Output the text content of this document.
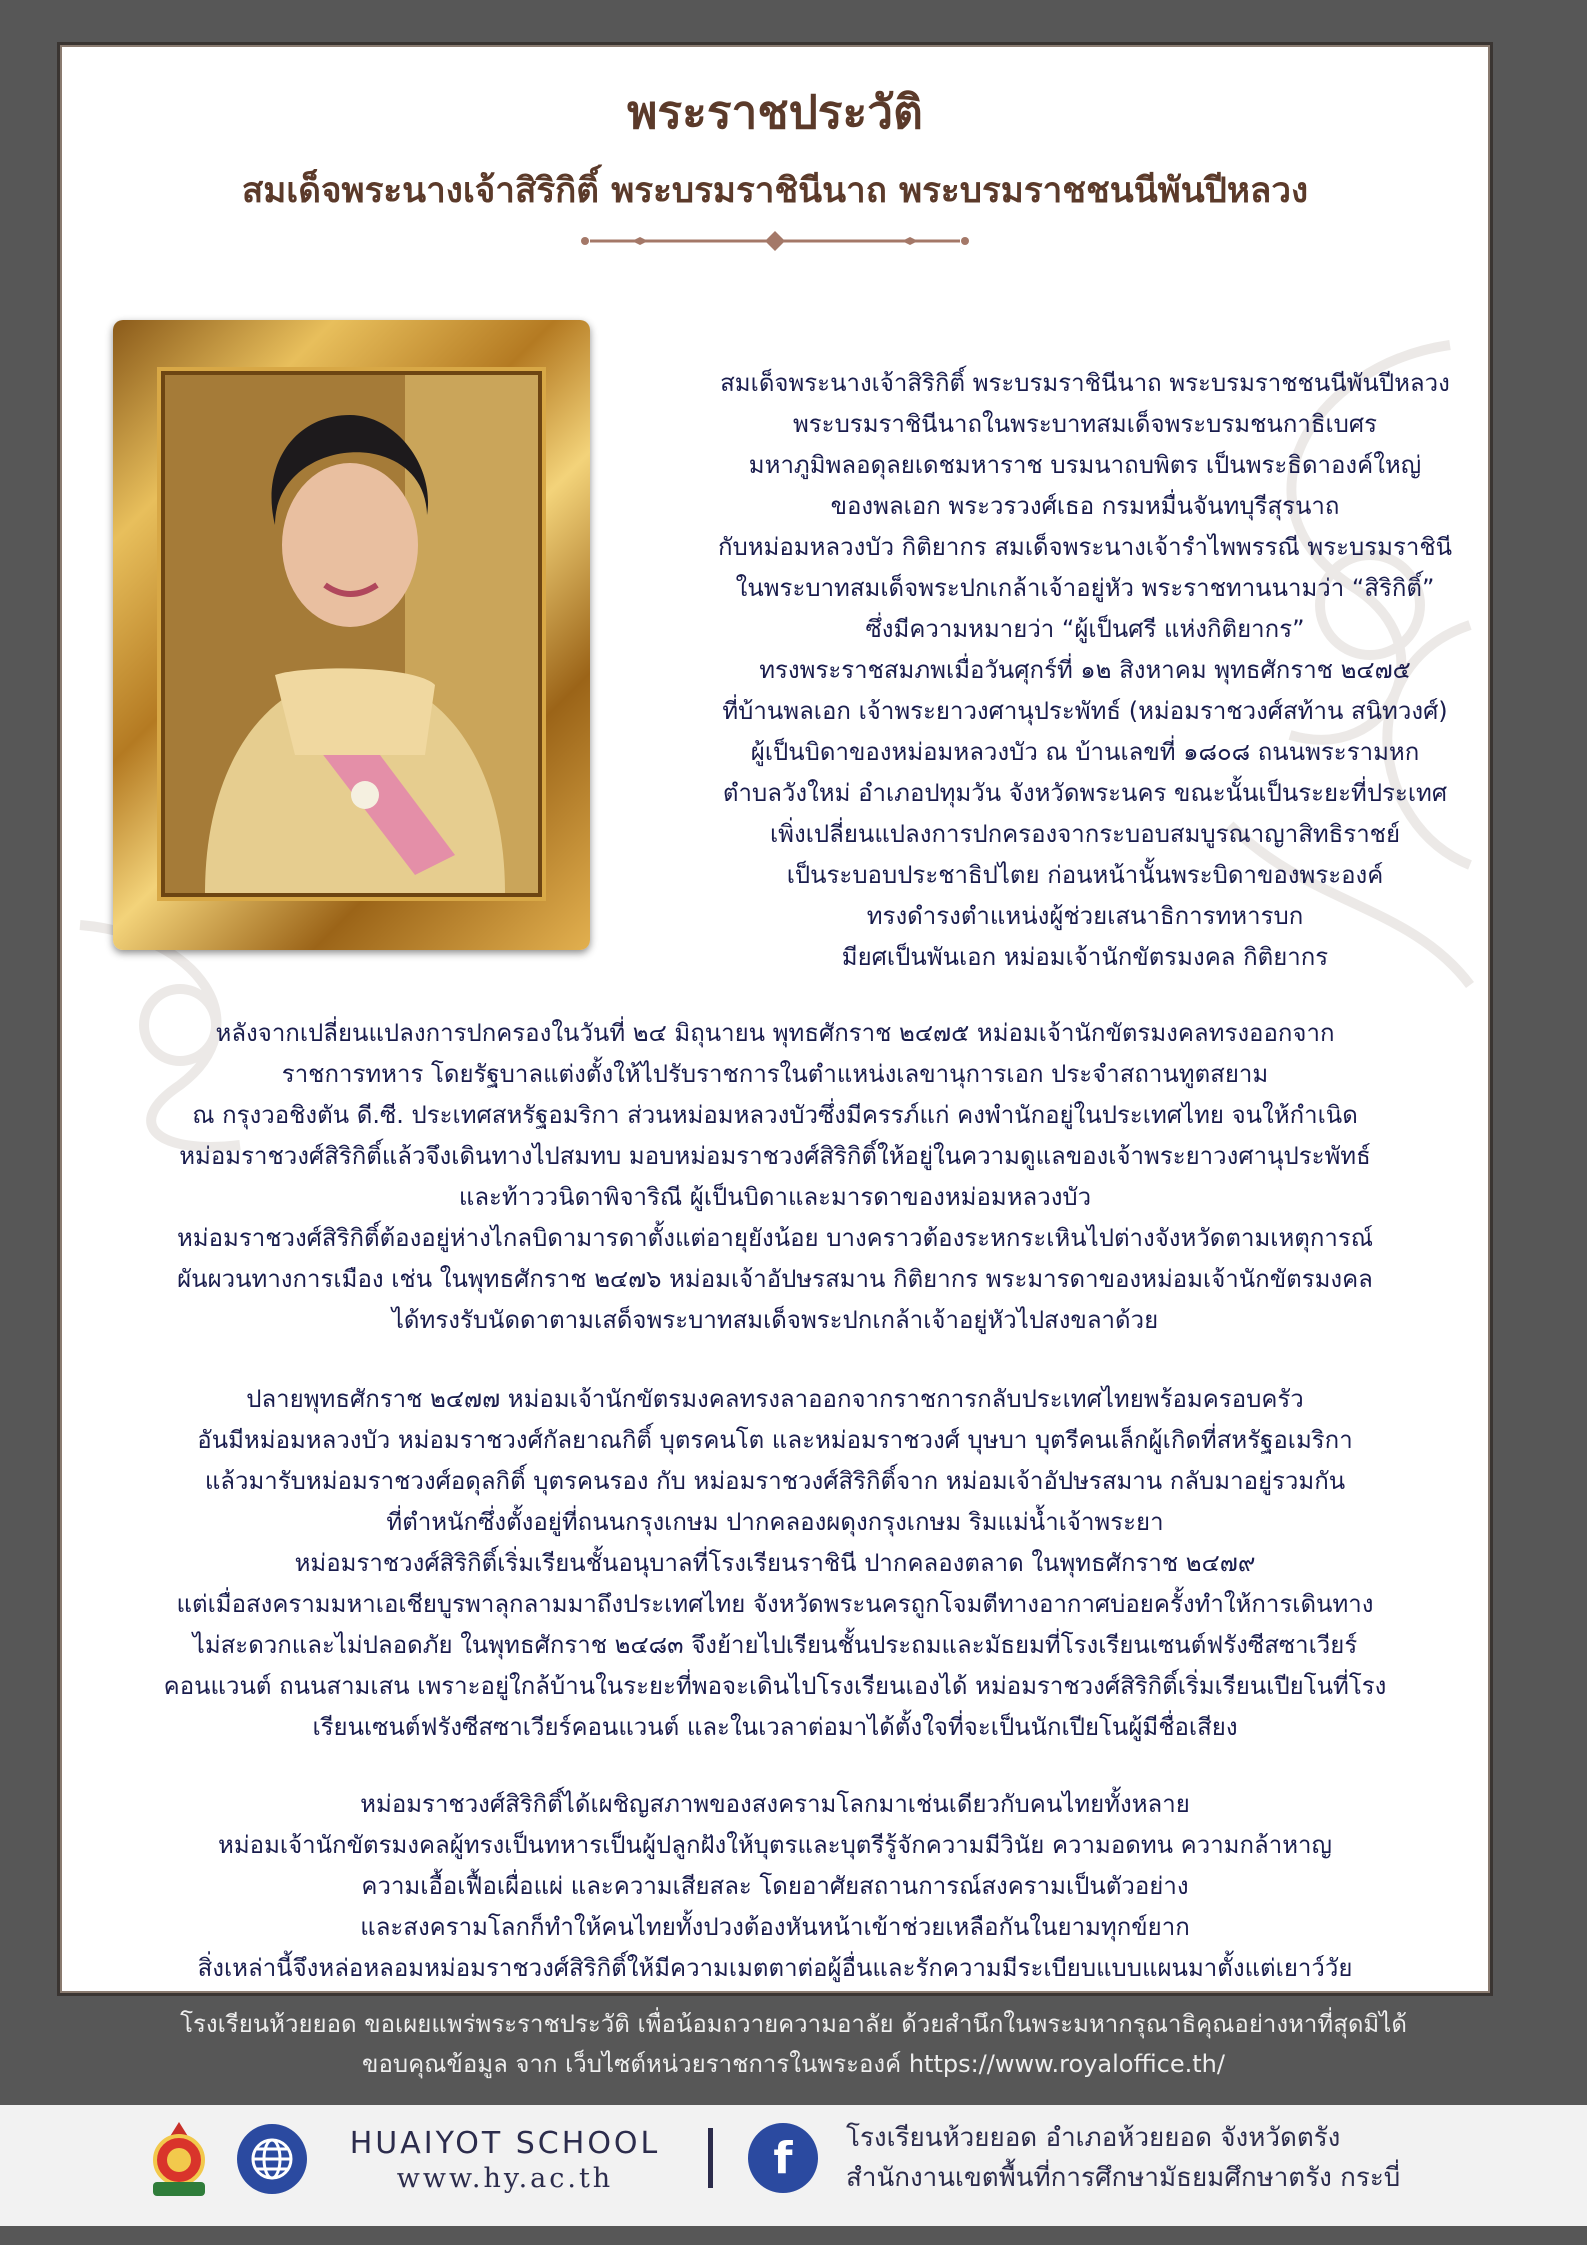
พระราชประวัติ
สมเด็จพระนางเจ้าสิริกิติ์ พระบรมราชินีนาถ พระบรมราชชนนีพันปีหลวง
สมเด็จพระนางเจ้าสิริกิติ์ พระบรมราชินีนาถ พระบรมราชชนนีพันปีหลวง
พระบรมราชินีนาถในพระบาทสมเด็จพระบรมชนกาธิเบศร
มหาภูมิพลอดุลยเดชมหาราช บรมนาถบพิตร เป็นพระธิดาองค์ใหญ่
ของพลเอก พระวรวงศ์เธอ กรมหมื่นจันทบุรีสุรนาถ
กับหม่อมหลวงบัว กิติยากร สมเด็จพระนางเจ้ารำไพพรรณี พระบรมราชินี
ในพระบาทสมเด็จพระปกเกล้าเจ้าอยู่หัว พระราชทานนามว่า “สิริกิติ์”
ซึ่งมีความหมายว่า “ผู้เป็นศรี แห่งกิติยากร”
ทรงพระราชสมภพเมื่อวันศุกร์ที่ ๑๒ สิงหาคม พุทธศักราช ๒๔๗๕
ที่บ้านพลเอก เจ้าพระยาวงศานุประพัทธ์ (หม่อมราชวงศ์สท้าน สนิทวงศ์)
ผู้เป็นบิดาของหม่อมหลวงบัว ณ บ้านเลขที่ ๑๘๐๘ ถนนพระรามหก
ตำบลวังใหม่ อำเภอปทุมวัน จังหวัดพระนคร ขณะนั้นเป็นระยะที่ประเทศ
เพิ่งเปลี่ยนแปลงการปกครองจากระบอบสมบูรณาญาสิทธิราชย์
เป็นระบอบประชาธิปไตย ก่อนหน้านั้นพระบิดาของพระองค์
ทรงดำรงตำแหน่งผู้ช่วยเสนาธิการทหารบก
มียศเป็นพันเอก หม่อมเจ้านักขัตรมงคล กิติยากร
หลังจากเปลี่ยนแปลงการปกครองในวันที่ ๒๔ มิถุนายน พุทธศักราช ๒๔๗๕ หม่อมเจ้านักขัตรมงคลทรงออกจาก
ราชการทหาร โดยรัฐบาลแต่งตั้งให้ไปรับราชการในตำแหน่งเลขานุการเอก ประจำสถานทูตสยาม
ณ กรุงวอชิงตัน ดี.ซี. ประเทศสหรัฐอมริกา ส่วนหม่อมหลวงบัวซึ่งมีครรภ์แก่ คงพำนักอยู่ในประเทศไทย จนให้กำเนิด
หม่อมราชวงศ์สิริกิติ์แล้วจึงเดินทางไปสมทบ มอบหม่อมราชวงศ์สิริกิติ์ให้อยู่ในความดูแลของเจ้าพระยาวงศานุประพัทธ์
และท้าววนิดาพิจาริณี ผู้เป็นบิดาและมารดาของหม่อมหลวงบัว
หม่อมราชวงศ์สิริกิติ์ต้องอยู่ห่างไกลบิดามารดาตั้งแต่อายุยังน้อย บางคราวต้องระหกระเหินไปต่างจังหวัดตามเหตุการณ์
ผันผวนทางการเมือง เช่น ในพุทธศักราช ๒๔๗๖ หม่อมเจ้าอัปษรสมาน กิติยากร พระมารดาของหม่อมเจ้านักขัตรมงคล
ได้ทรงรับนัดดาตามเสด็จพระบาทสมเด็จพระปกเกล้าเจ้าอยู่หัวไปสงขลาด้วย
ปลายพุทธศักราช ๒๔๗๗ หม่อมเจ้านักขัตรมงคลทรงลาออกจากราชการกลับประเทศไทยพร้อมครอบครัว
อันมีหม่อมหลวงบัว หม่อมราชวงศ์กัลยาณกิติ์ บุตรคนโต และหม่อมราชวงศ์ บุษบา บุตรีคนเล็กผู้เกิดที่สหรัฐอเมริกา
แล้วมารับหม่อมราชวงศ์อดุลกิติ์ บุตรคนรอง กับ หม่อมราชวงศ์สิริกิติ์จาก หม่อมเจ้าอัปษรสมาน กลับมาอยู่รวมกัน
ที่ตำหนักซึ่งตั้งอยู่ที่ถนนกรุงเกษม ปากคลองผดุงกรุงเกษม ริมแม่น้ำเจ้าพระยา
หม่อมราชวงศ์สิริกิติ์เริ่มเรียนชั้นอนุบาลที่โรงเรียนราชินี ปากคลองตลาด ในพุทธศักราช ๒๔๗๙
แต่เมื่อสงครามมหาเอเชียบูรพาลุกลามมาถึงประเทศไทย จังหวัดพระนครถูกโจมตีทางอากาศบ่อยครั้งทำให้การเดินทาง
ไม่สะดวกและไม่ปลอดภัย ในพุทธศักราช ๒๔๘๓ จึงย้ายไปเรียนชั้นประถมและมัธยมที่โรงเรียนเซนต์ฟรังซีสซาเวียร์
คอนแวนต์ ถนนสามเสน เพราะอยู่ใกล้บ้านในระยะที่พอจะเดินไปโรงเรียนเองได้ หม่อมราชวงศ์สิริกิติ์เริ่มเรียนเปียโนที่โรง
เรียนเซนต์ฟรังซีสซาเวียร์คอนแวนต์ และในเวลาต่อมาได้ตั้งใจที่จะเป็นนักเปียโนผู้มีชื่อเสียง
หม่อมราชวงศ์สิริกิติ์ได้เผชิญสภาพของสงครามโลกมาเช่นเดียวกับคนไทยทั้งหลาย
หม่อมเจ้านักขัตรมงคลผู้ทรงเป็นทหารเป็นผู้ปลูกฝังให้บุตรและบุตรีรู้จักความมีวินัย ความอดทน ความกล้าหาญ
ความเอื้อเฟื้อเผื่อแผ่ และความเสียสละ โดยอาศัยสถานการณ์สงครามเป็นตัวอย่าง
และสงครามโลกก็ทำให้คนไทยทั้งปวงต้องหันหน้าเข้าช่วยเหลือกันในยามทุกข์ยาก
สิ่งเหล่านี้จึงหล่อหลอมหม่อมราชวงศ์สิริกิติ์ให้มีความเมตตาต่อผู้อื่นและรักความมีระเบียบแบบแผนมาตั้งแต่เยาว์วัย
โรงเรียนห้วยยอด ขอเผยแพร่พระราชประวัติ เพื่อน้อมถวายความอาลัย ด้วยสำนึกในพระมหากรุณาธิคุณอย่างหาที่สุดมิได้
ขอบคุณข้อมูล จาก เว็บไซต์หน่วยราชการในพระองค์ https://www.royaloffice.th/
HUAIYOT SCHOOL
www.hy.ac.th	f	โรงเรียนห้วยยอด อำเภอห้วยยอด จังหวัดตรัง
สำนักงานเขตพื้นที่การศึกษามัธยมศึกษาตรัง กระบี่
